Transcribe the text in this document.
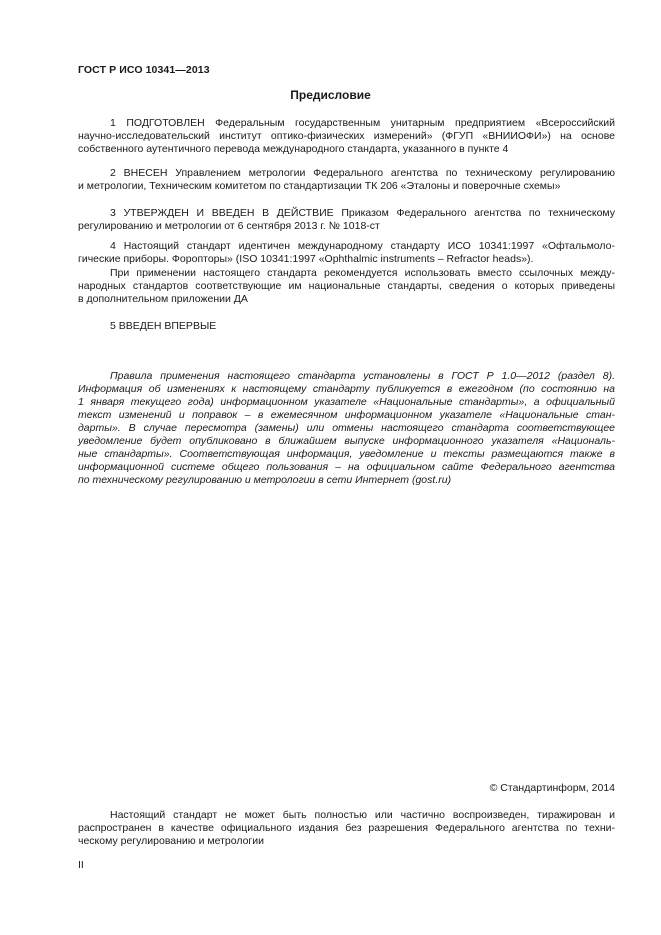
ГОСТ Р ИСО 10341—2013
Предисловие
1 ПОДГОТОВЛЕН Федеральным государственным унитарным предприятием «Всероссийский
научно-исследовательский институт оптико-физических измерений» (ФГУП «ВНИИОФИ») на основе
собственного аутентичного перевода международного стандарта, указанного в пункте 4
2 ВНЕСЕН Управлением метрологии Федерального агентства по техническому регулированию
и метрологии, Техническим комитетом по стандартизации ТК 206 «Эталоны и поверочные схемы»
3 УТВЕРЖДЕН И ВВЕДЕН В ДЕЙСТВИЕ Приказом Федерального агентства по техническому
регулированию и метрологии от 6 сентября 2013 г. № 1018-ст
4 Настоящий стандарт идентичен международному стандарту ИСО 10341:1997 «Офтальмоло-
гические приборы. Форопторы» (ISO 10341:1997 «Ophthalmic instruments – Refractor heads»).
При применении настоящего стандарта рекомендуется использовать вместо ссылочных между-
народных стандартов соответствующие им национальные стандарты, сведения о которых приведены
в дополнительном приложении ДА
5 ВВЕДЕН ВПЕРВЫЕ
Правила применения настоящего стандарта установлены в ГОСТ Р 1.0—2012 (раздел 8).
Информация об изменениях к настоящему стандарту публикуется в ежегодном (по состоянию на
1 января текущего года) информационном указателе «Национальные стандарты», а официальный
текст изменений и поправок – в ежемесячном информационном указателе «Национальные стан-
дарты». В случае пересмотра (замены) или отмены настоящего стандарта соответствующее
уведомление будет опубликовано в ближайшем выпуске информационного указателя «Националь-
ные стандарты». Соответствующая информация, уведомление и тексты размещаются также в
информационной системе общего пользования – на официальном сайте Федерального агентства
по техническому регулированию и метрологии в сети Интернет (gost.ru)
© Стандартинформ, 2014
Настоящий стандарт не может быть полностью или частично воспроизведен, тиражирован и
распространен в качестве официального издания без разрешения Федерального агентства по техни-
ческому регулированию и метрологии
II
